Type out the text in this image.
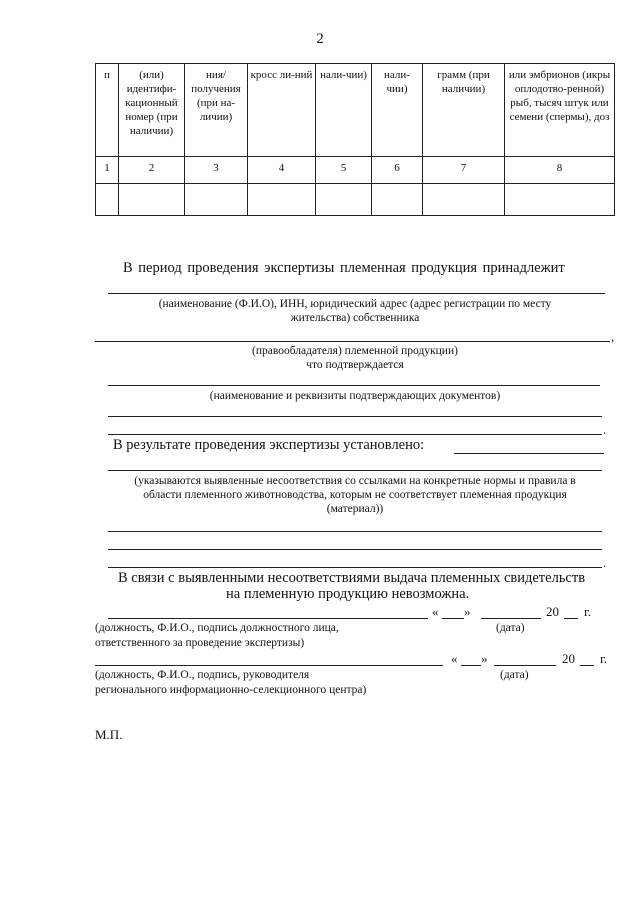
2
п	(или) идентифи-кационный номер (при наличии)	ния/получения (при на-личии)	кросс ли-ний	нали-чии)	нали-чии)	грамм (при наличии)	или эмбрионов (икры оплодотво-ренной) рыб, тысяч штук или семени (спермы), доз
1	2	3	4	5	6	7	8

В период проведения экспертизы племенная продукция принадлежит
(наименование (Ф.И.О), ИНН, юридический адрес (адрес регистрации по месту
жительства) собственника
,
(правообладателя) племенной продукции)
что подтверждается
(наименование и реквизиты подтверждающих документов)
.
В результате проведения экспертизы установлено:
(указываются выявленные несоответствия со ссылками на конкретные нормы и правила в
области племенного животноводства, которым не соответствует племенная продукция
(материал))
.
В связи с выявленными несоответствиями выдача племенных свидетельств
на племенную продукцию невозможна.
« »	20 г.
(должность, Ф.И.О., подпись должностного лица,
ответственного за проведение экспертизы)
(дата)
« »	20 г.
(должность, Ф.И.О., подпись, руководителя
регионального информационно-селекционного центра)
(дата)
М.П.
